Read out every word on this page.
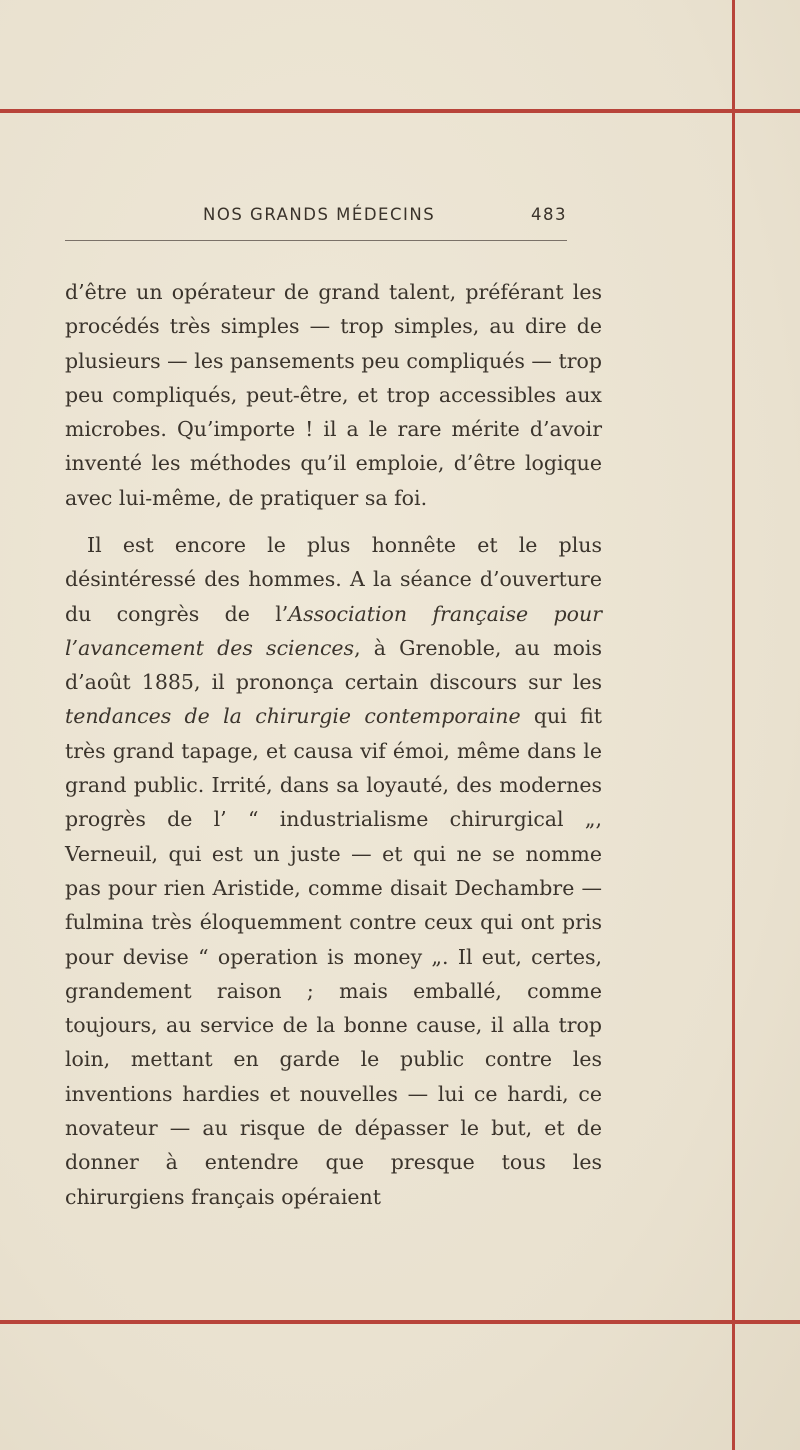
NOS GRANDS MÉDECINS	483

d’être un opérateur de grand talent, préférant les procédés très simples — trop simples, au dire de plusieurs — les pansements peu compliqués — trop peu compliqués, peut-être, et trop accessibles aux microbes. Qu’importe ! il a le rare mérite d’avoir inventé les méthodes qu’il emploie, d’être logique avec lui-même, de pratiquer sa foi.

Il est encore le plus honnête et le plus désintéressé des hommes. A la séance d’ouverture du congrès de l’Association française pour l’avancement des sciences, à Grenoble, au mois d’août 1885, il prononça certain discours sur les tendances de la chirurgie contemporaine qui fit très grand tapage, et causa vif émoi, même dans le grand public. Irrité, dans sa loyauté, des modernes progrès de l’ “ industrialisme chirurgical „, Verneuil, qui est un juste — et qui ne se nomme pas pour rien Aristide, comme disait Dechambre — fulmina très éloquemment contre ceux qui ont pris pour devise “ operation is money „. Il eut, certes, grandement raison ; mais emballé, comme toujours, au service de la bonne cause, il alla trop loin, mettant en garde le public contre les inventions hardies et nouvelles — lui ce hardi, ce novateur — au risque de dépasser le but, et de donner à entendre que presque tous les chirurgiens français opéraient
